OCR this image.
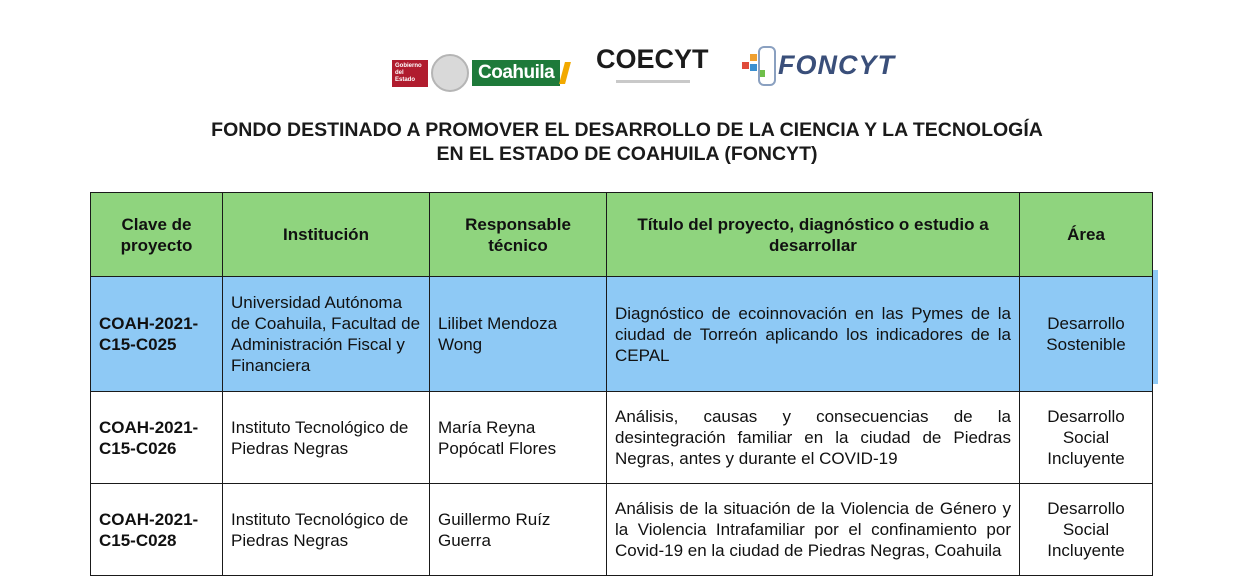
Gobierno del Estado	Coahuila COECYT	FONCYT
FONDO DESTINADO A PROMOVER EL DESARROLLO DE LA CIENCIA Y LA TECNOLOGÍA
EN EL ESTADO DE COAHUILA (FONCYT)
Clave de proyecto	Institución	Responsable técnico	Título del proyecto, diagnóstico o estudio a desarrollar	Área
COAH-2021-C15-C025	Universidad Autónoma de Coahuila, Facultad de Administración Fiscal y Financiera	Lilibet Mendoza Wong	Diagnóstico de ecoinnovación en las Pymes de la ciudad de Torreón aplicando los indicadores de la CEPAL	Desarrollo Sostenible
COAH-2021-C15-C026	Instituto Tecnológico de Piedras Negras	María Reyna Popócatl Flores	Análisis, causas y consecuencias de la desintegración familiar en la ciudad de Piedras Negras, antes y durante el COVID-19	Desarrollo Social Incluyente
COAH-2021-C15-C028	Instituto Tecnológico de Piedras Negras	Guillermo Ruíz Guerra	Análisis de la situación de la Violencia de Género y la Violencia Intrafamiliar por el confinamiento por Covid-19 en la ciudad de Piedras Negras, Coahuila	Desarrollo Social Incluyente
